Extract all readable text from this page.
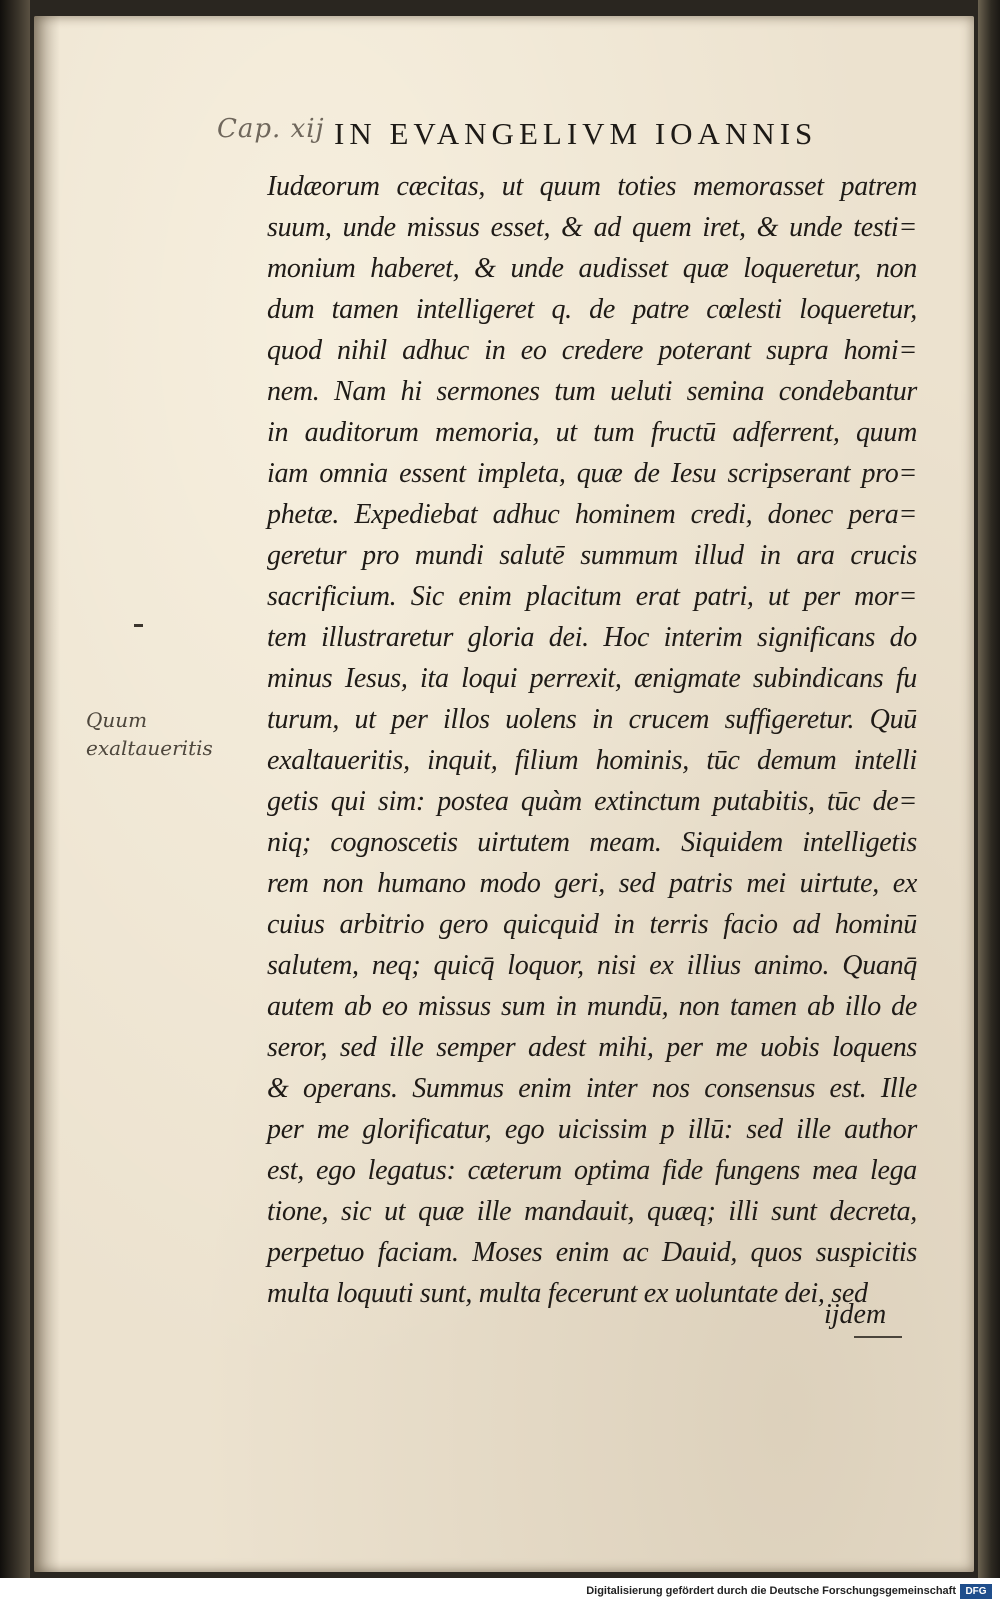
Cap. xij IN EVANGELIVM IOANNIS
Quum exaltaueritis
Iudæorum cæcitas, ut quum toties memorasset patrem
suum, unde missus esset, & ad quem iret, & unde testi=
monium haberet, & unde audisset quæ loqueretur, non
dum tamen intelligeret q. de patre cœlesti loqueretur,
quod nihil adhuc in eo credere poterant supra homi=
nem. Nam hi sermones tum ueluti semina condebantur
in auditorum memoria, ut tum fructū adferrent, quum
iam omnia essent impleta, quæ de Iesu scripserant pro=
phetæ. Expediebat adhuc hominem credi, donec pera=
geretur pro mundi salutē summum illud in ara crucis
sacrificium. Sic enim placitum erat patri, ut per mor=
tem illustraretur gloria dei. Hoc interim significans do
minus Iesus, ita loqui perrexit, ænigmate subindicans fu
turum, ut per illos uolens in crucem suffigeretur. Quū
exaltaueritis, inquit, filium hominis, tūc demum intelli
getis qui sim: postea quàm extinctum putabitis, tūc de=
niq; cognoscetis uirtutem meam. Siquidem intelligetis
rem non humano modo geri, sed patris mei uirtute, ex
cuius arbitrio gero quicquid in terris facio ad hominū
salutem, neq; quicq̄ loquor, nisi ex illius animo. Quanq̄
autem ab eo missus sum in mundū, non tamen ab illo de
seror, sed ille semper adest mihi, per me uobis loquens
& operans. Summus enim inter nos consensus est. Ille
per me glorificatur, ego uicissim p illū: sed ille author
est, ego legatus: cæterum optima fide fungens mea lega
tione, sic ut quæ ille mandauit, quæq; illi sunt decreta,
perpetuo faciam. Moses enim ac Dauid, quos suspicitis
multa loquuti sunt, multa fecerunt ex uoluntate dei, sed
ijdem
Digitalisierung gefördert durch die Deutsche Forschungsgemeinschaft DFG
